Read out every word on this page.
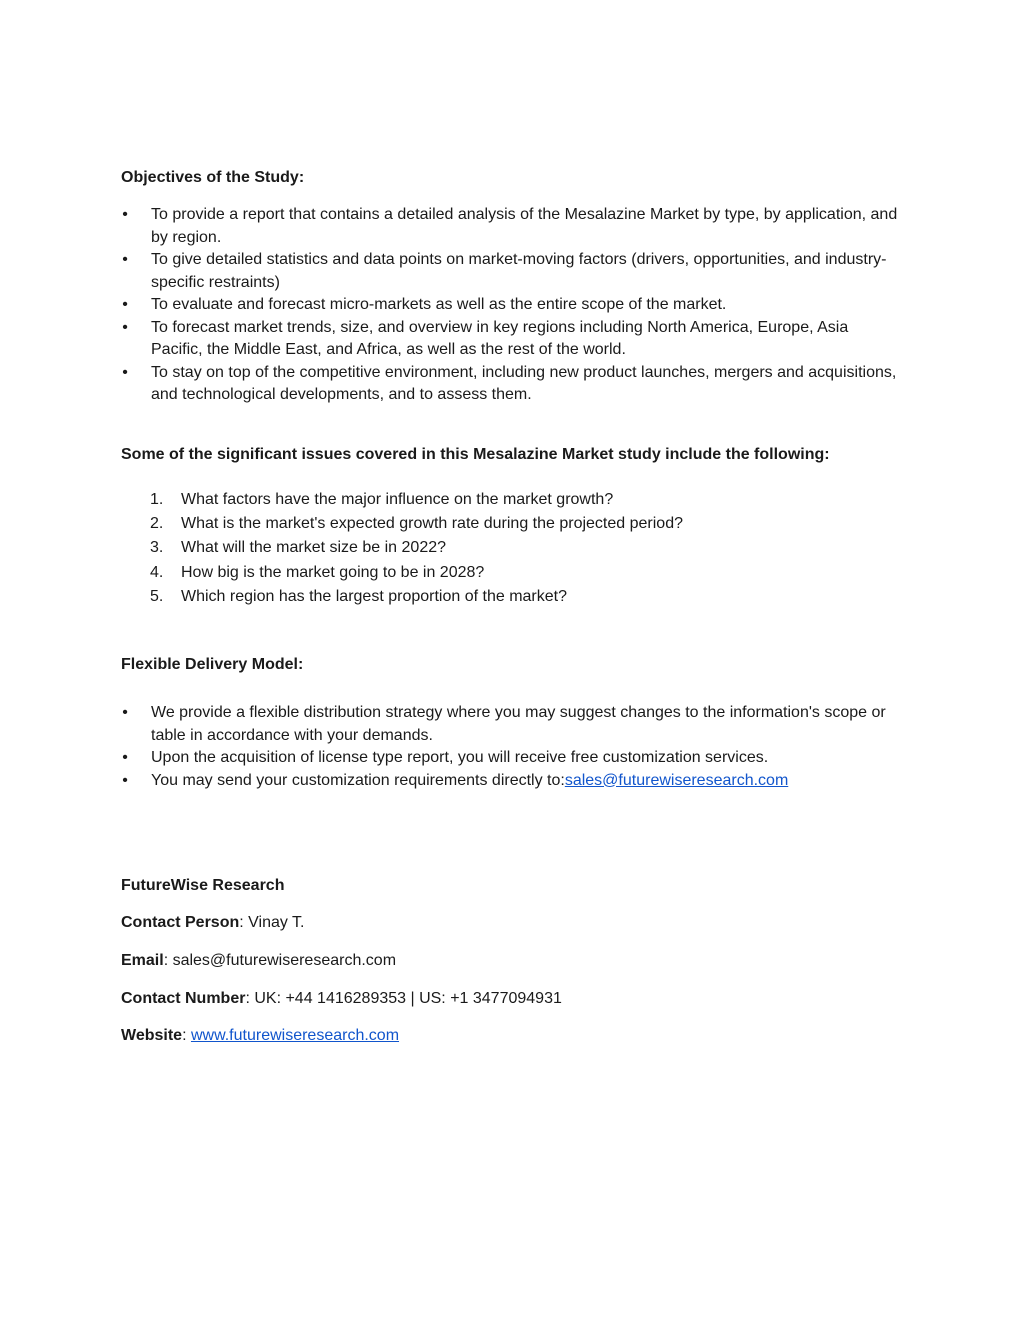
Objectives of the Study:
• To provide a report that contains a detailed analysis of the Mesalazine Market by type, by application, and by region.
• To give detailed statistics and data points on market-moving factors (drivers, opportunities, and industry-specific restraints)
• To evaluate and forecast micro-markets as well as the entire scope of the market.
• To forecast market trends, size, and overview in key regions including North America, Europe, Asia Pacific, the Middle East, and Africa, as well as the rest of the world.
• To stay on top of the competitive environment, including new product launches, mergers and acquisitions, and technological developments, and to assess them.
Some of the significant issues covered in this Mesalazine Market study include the following:
1. What factors have the major influence on the market growth?
2. What is the market's expected growth rate during the projected period?
3. What will the market size be in 2022?
4. How big is the market going to be in 2028?
5. Which region has the largest proportion of the market?
Flexible Delivery Model:
• We provide a flexible distribution strategy where you may suggest changes to the information's scope or table in accordance with your demands.
• Upon the acquisition of license type report, you will receive free customization services.
• You may send your customization requirements directly to:sales@futurewiseresearch.com
FutureWise Research
Contact Person: Vinay T.
Email: sales@futurewiseresearch.com
Contact Number: UK: +44 1416289353 | US: +1 3477094931
Website: www.futurewiseresearch.com
